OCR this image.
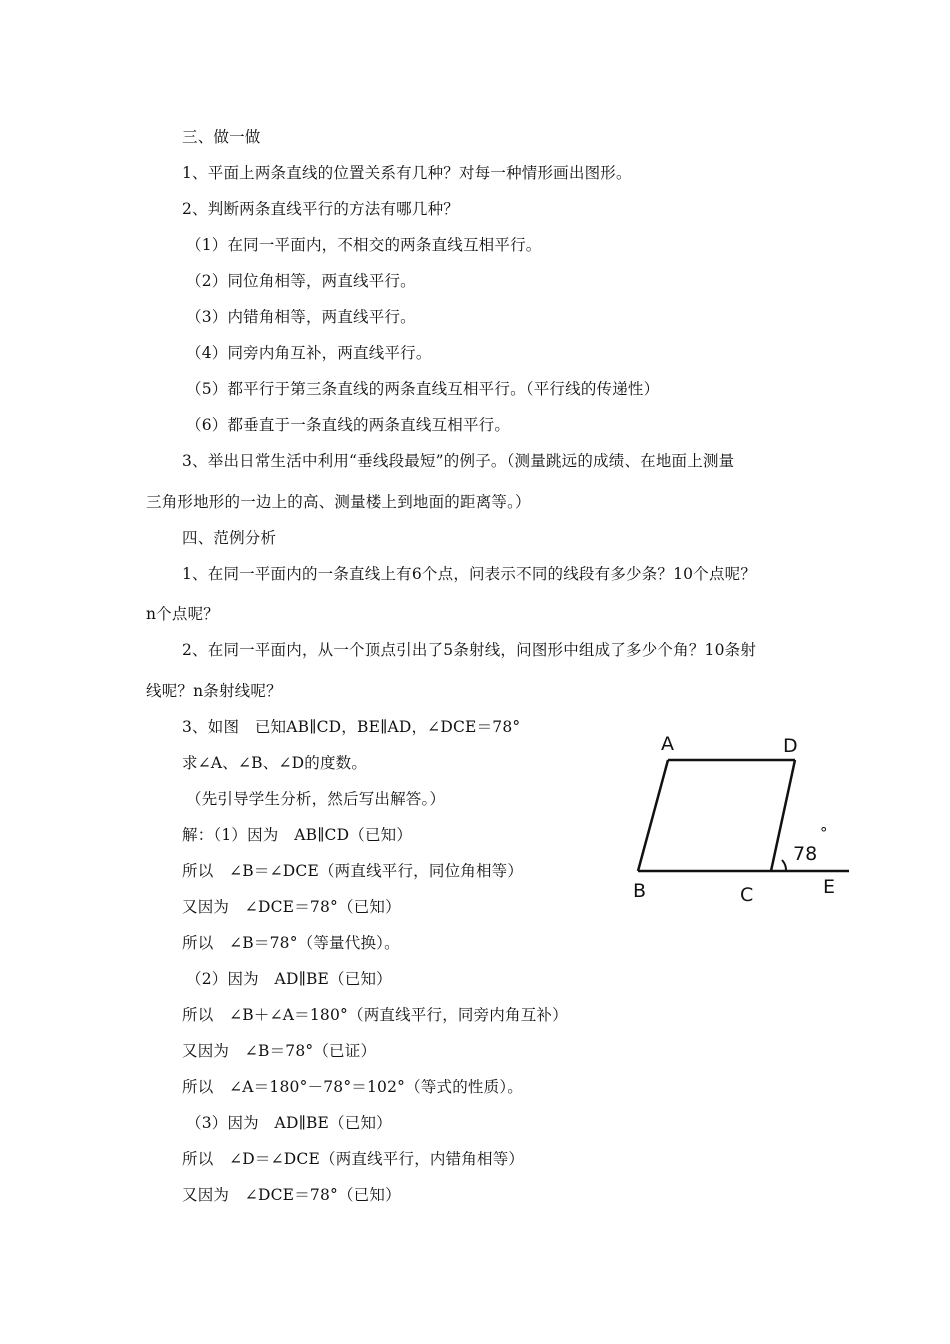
三、做一做
1、平面上两条直线的位置关系有几种？对每一种情形画出图形。
2、判断两条直线平行的方法有哪几种？
（1）在同一平面内，不相交的两条直线互相平行。
（2）同位角相等，两直线平行。
（3）内错角相等，两直线平行。
（4）同旁内角互补，两直线平行。
（5）都平行于第三条直线的两条直线互相平行。（平行线的传递性）
（6）都垂直于一条直线的两条直线互相平行。
3、举出日常生活中利用“垂线段最短”的例子。（测量跳远的成绩、在地面上测量
三角形地形的一边上的高、测量楼上到地面的距离等。）
四、范例分析
1、在同一平面内的一条直线上有6个点，问表示不同的线段有多少条？10个点呢？
n个点呢？
2、在同一平面内，从一个顶点引出了5条射线，问图形中组成了多少个角？10条射
线呢？n条射线呢？
3、如图　已知AB∥CD，BE∥AD，∠DCE＝78°
求∠A、∠B、∠D的度数。
（先引导学生分析，然后写出解答。）
解：（1）因为　AB∥CD（已知）
所以　∠B＝∠DCE（两直线平行，同位角相等）
又因为　∠DCE＝78°（已知）
所以　∠B＝78°（等量代换）。
（2）因为　AD∥BE（已知）
所以　∠B＋∠A＝180°（两直线平行，同旁内角互补）
又因为　∠B＝78°（已证）
所以　∠A＝180°－78°＝102°（等式的性质）。
（3）因为　AD∥BE（已知）
所以　∠D＝∠DCE（两直线平行，内错角相等）
又因为　∠DCE＝78°（已知）
A	D
B	C	E
78
°
